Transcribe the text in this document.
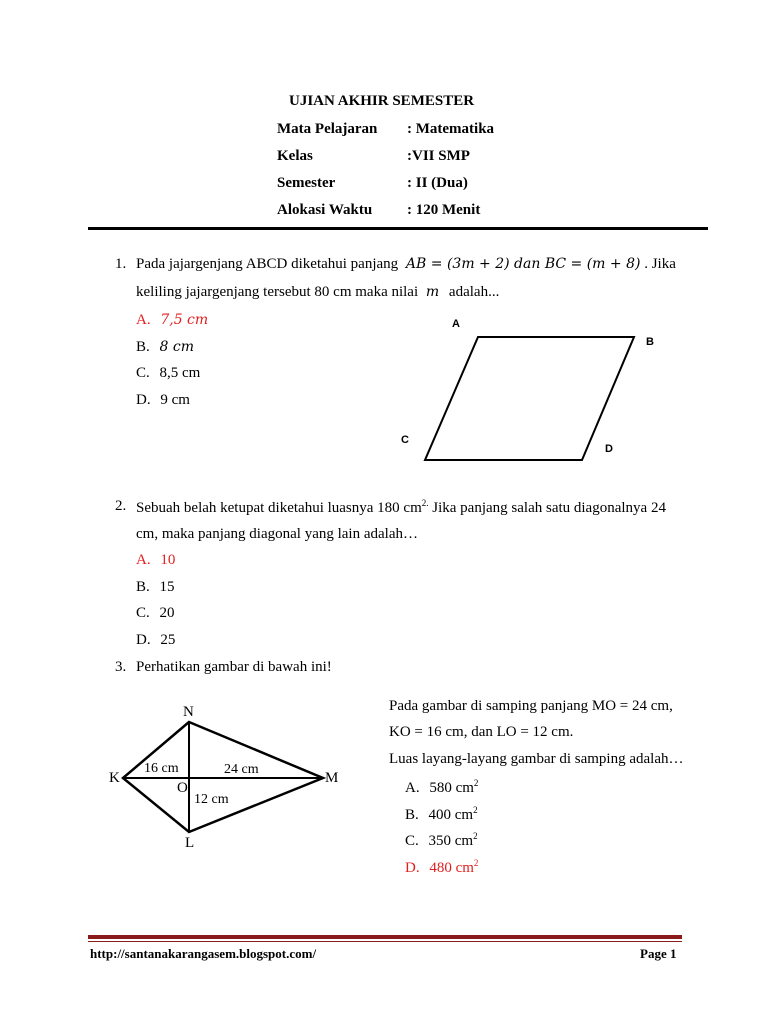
UJIAN AKHIR SEMESTER
Mata Pelajaran : Matematika
Kelas	:VII SMP
Semester	: II (Dua)
Alokasi Waktu : 120 Menit
1. Pada jajargenjang ABCD diketahui panjang AB = (3m + 2) dan BC = (m + 8) . Jika
keliling jajargenjang tersebut 80 cm maka nilai m adalah...
A. 7,5 cm
B. 8 cm
C. 8,5 cm
D. 9 cm
A
B
C
D
2. Sebuah belah ketupat diketahui luasnya 180 $cm^{2.}$ Jika panjang salah satu diagonalnya 24
cm, maka panjang diagonal yang lain adalah…
A. 10
B. 15
C. 20
D. 25
3. Perhatikan gambar di bawah ini!
N
K	M
O
L
16 cm	24 cm
12 cm
Pada gambar di samping panjang MO = 24 cm,
KO = 16 cm, dan LO = 12 cm.
Luas layang-layang gambar di samping adalah…
A. 580 $cm^2$
B. 400 $cm^2$
C. 350 $cm^2$
D. 480 $cm^2$
http://santanakarangasem.blogspot.com/	Page 1
